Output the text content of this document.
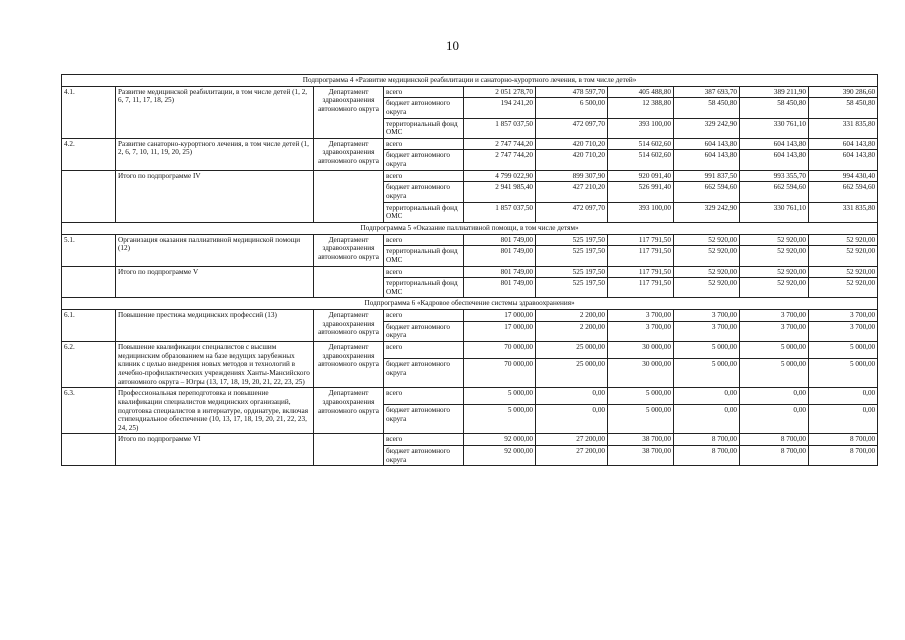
10
Подпрограмма 4 «Развитие медицинской реабилитации и санаторно-курортного лечения, в том числе детей»									
4.1.	Развитие медицинской реабилитации, в том числе детей (1, 2, 6, 7, 11, 17, 18, 25)	Департамент здравоохранения автономного округа	всего	2 051 278,70	478 597,70	405 488,80	387 693,70	389 211,90	390 286,60
			бюджет автономного округа	194 241,20	6 500,00	12 388,80	58 450,80	58 450,80	58 450,80
			территориальный фонд ОМС	1 857 037,50	472 097,70	393 100,00	329 242,90	330 761,10	331 835,80
4.2.	Развитие санаторно-курортного лечения, в том числе детей (1, 2, 6, 7, 10, 11, 19, 20, 25)	Департамент здравоохранения автономного округа	всего	2 747 744,20	420 710,20	514 602,60	604 143,80	604 143,80	604 143,80
			бюджет автономного округа	2 747 744,20	420 710,20	514 602,60	604 143,80	604 143,80	604 143,80
	Итого по подпрограмме IV		всего	4 799 022,90	899 307,90	920 091,40	991 837,50	993 355,70	994 430,40
			бюджет автономного округа	2 941 985,40	427 210,20	526 991,40	662 594,60	662 594,60	662 594,60
			территориальный фонд ОМС	1 857 037,50	472 097,70	393 100,00	329 242,90	330 761,10	331 835,80
Подпрограмма 5 «Оказание паллиативной помощи, в том числе детям»									
5.1.	Организация оказания паллиативной медицинской помощи (12)	Департамент здравоохранения автономного округа	всего	801 749,00	525 197,50	117 791,50	52 920,00	52 920,00	52 920,00
			территориальный фонд ОМС	801 749,00	525 197,50	117 791,50	52 920,00	52 920,00	52 920,00
	Итого по подпрограмме V		всего	801 749,00	525 197,50	117 791,50	52 920,00	52 920,00	52 920,00
			территориальный фонд ОМС	801 749,00	525 197,50	117 791,50	52 920,00	52 920,00	52 920,00
Подпрограмма 6 «Кадровое обеспечение системы здравоохранения»									
6.1.	Повышение престижа медицинских профессий (13)	Департамент здравоохранения автономного округа	всего	17 000,00	2 200,00	3 700,00	3 700,00	3 700,00	3 700,00
			бюджет автономного округа	17 000,00	2 200,00	3 700,00	3 700,00	3 700,00	3 700,00
6.2.	Повышение квалификации специалистов с высшим медицинским образованием на базе ведущих зарубежных клиник с целью внедрения новых методов и технологий в лечебно-профилактических учреждениях Ханты-Мансийского автономного округа – Югры (13, 17, 18, 19, 20, 21, 22, 23, 25)	Департамент здравоохранения автономного округа	всего	70 000,00	25 000,00	30 000,00	5 000,00	5 000,00	5 000,00
			бюджет автономного округа	70 000,00	25 000,00	30 000,00	5 000,00	5 000,00	5 000,00
6.3.	Профессиональная переподготовка и повышение квалификации специалистов медицинских организаций, подготовка специалистов в интернатуре, ординатуре, включая стипендиальное обеспечение (10, 13, 17, 18, 19, 20, 21, 22, 23, 24, 25)	Департамент здравоохранения автономного округа	всего	5 000,00	0,00	5 000,00	0,00	0,00	0,00
			бюджет автономного округа	5 000,00	0,00	5 000,00	0,00	0,00	0,00
	Итого по подпрограмме VI		всего	92 000,00	27 200,00	38 700,00	8 700,00	8 700,00	8 700,00
			бюджет автономного округа	92 000,00	27 200,00	38 700,00	8 700,00	8 700,00	8 700,00
